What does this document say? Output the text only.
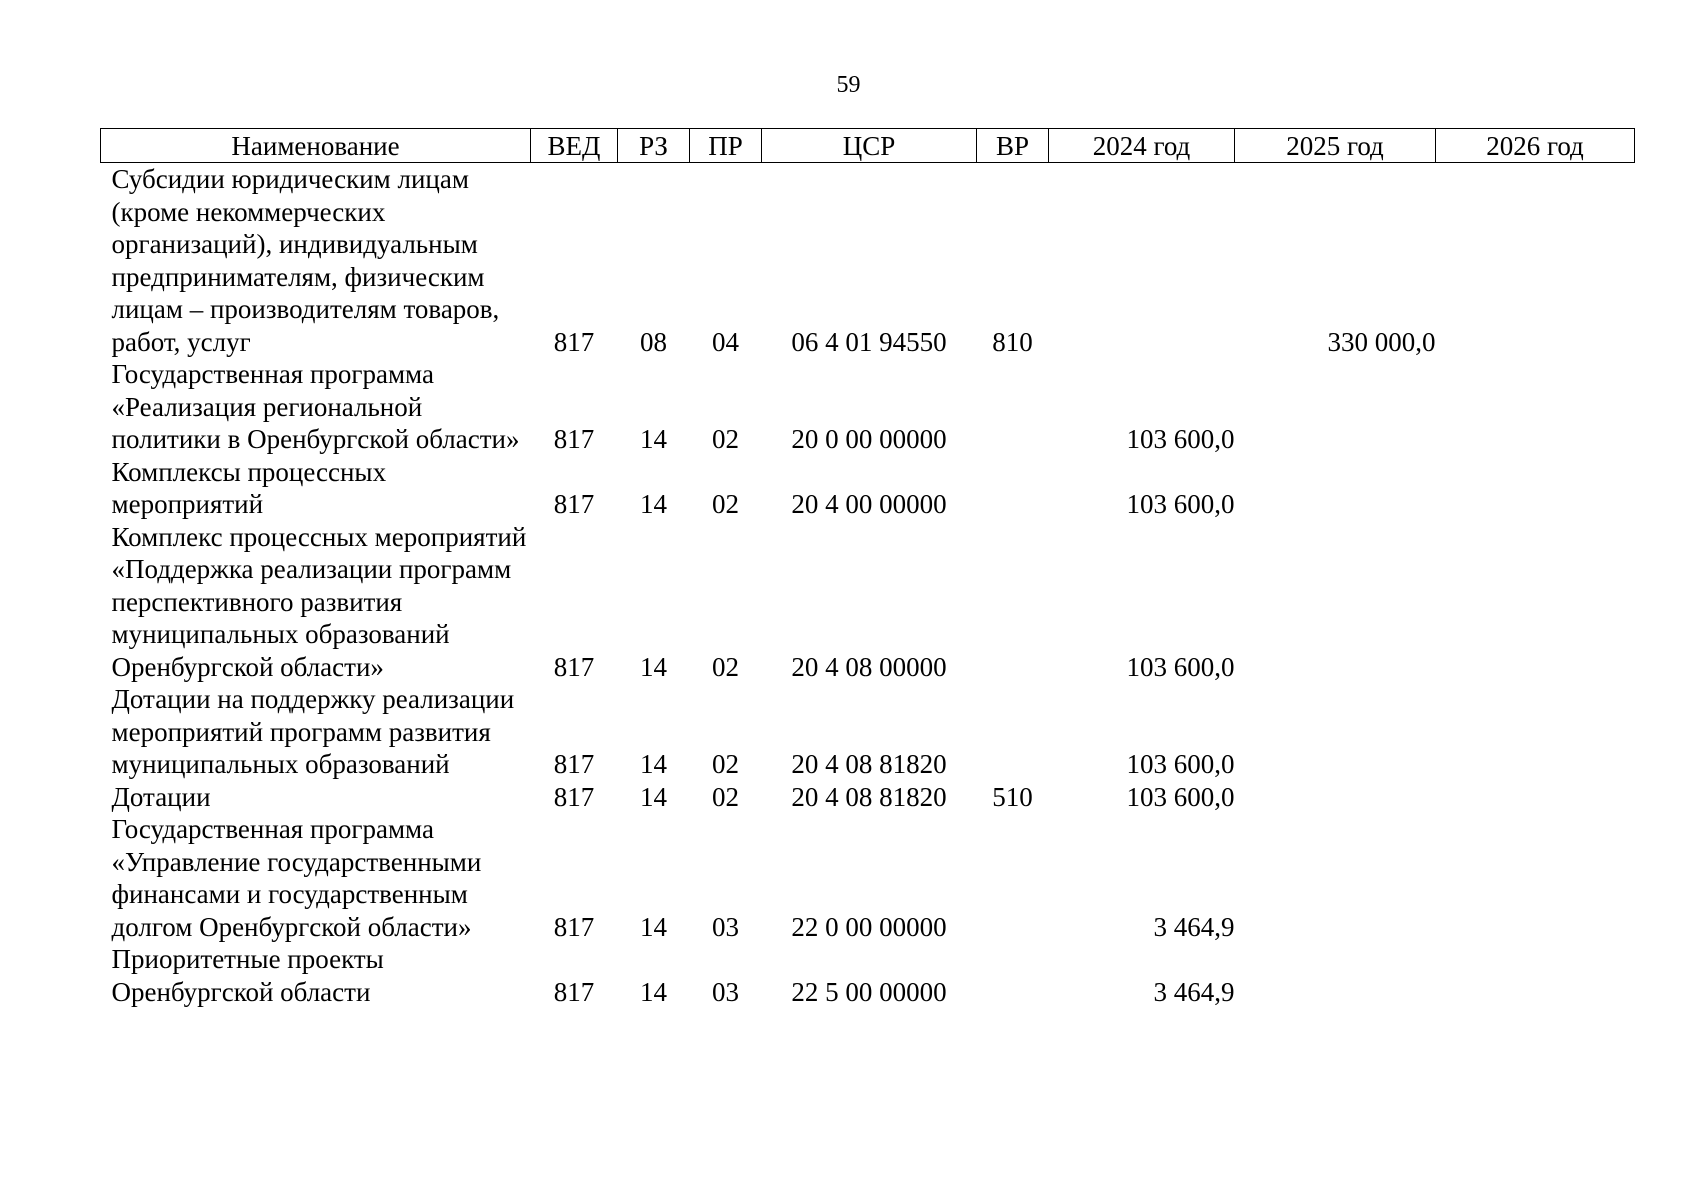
59
Наименование	ВЕД	РЗ	ПР	ЦСР	ВР	2024 год	2025 год	2026 год
Субсидии юридическим лицам (кроме некоммерческих организаций), индивидуальным предпринимателям, физическим лицам – производителям товаров, работ, услуг	817	08	04	06 4 01 94550	810		330 000,0	
Государственная программа «Реализация региональной политики в Оренбургской области»	817	14	02	20 0 00 00000		103 600,0		
Комплексы процессных мероприятий	817	14	02	20 4 00 00000		103 600,0		
Комплекс процессных мероприятий «Поддержка реализации программ перспективного развития муниципальных образований Оренбургской области»	817	14	02	20 4 08 00000		103 600,0		
Дотации на поддержку реализации мероприятий программ развития муниципальных образований	817	14	02	20 4 08 81820		103 600,0		
Дотации	817	14	02	20 4 08 81820	510	103 600,0		
Государственная программа «Управление государственными финансами и государственным долгом Оренбургской области»	817	14	03	22 0 00 00000		3 464,9		
Приоритетные проекты Оренбургской области	817	14	03	22 5 00 00000		3 464,9		
